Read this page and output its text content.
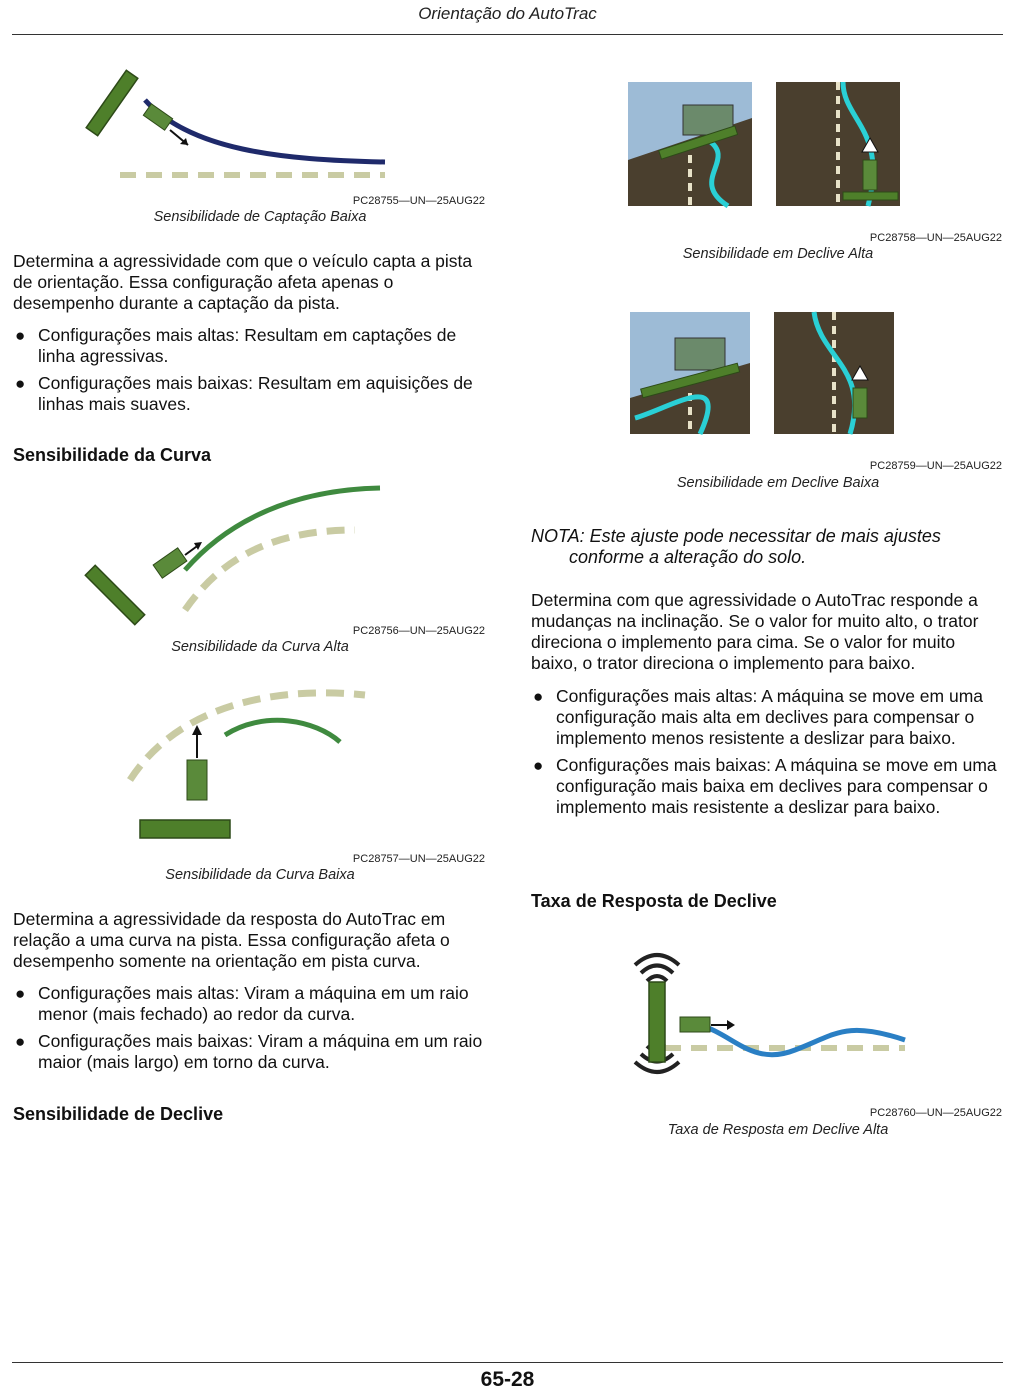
Orientação do AutoTrac
PC28755—UN—25AUG22
Sensibilidade de Captação Baixa
Determina a agressividade com que o veículo capta a pista de orientação. Essa configuração afeta apenas o desempenho durante a captação da pista.
● Configurações mais altas: Resultam em captações de linha agressivas.
● Configurações mais baixas: Resultam em aquisições de linhas mais suaves.
Sensibilidade da Curva
PC28756—UN—25AUG22
Sensibilidade da Curva Alta
PC28757—UN—25AUG22
Sensibilidade da Curva Baixa
Determina a agressividade da resposta do AutoTrac em relação a uma curva na pista. Essa configuração afeta o desempenho somente na orientação em pista curva.
● Configurações mais altas: Viram a máquina em um raio menor (mais fechado) ao redor da curva.
● Configurações mais baixas: Viram a máquina em um raio maior (mais largo) em torno da curva.
Sensibilidade de Declive
PC28758—UN—25AUG22
Sensibilidade em Declive Alta
PC28759—UN—25AUG22
Sensibilidade em Declive Baixa
NOTA: Este ajuste pode necessitar de mais ajustes
conforme a alteração do solo.
Determina com que agressividade o AutoTrac responde a mudanças na inclinação. Se o valor for muito alto, o trator direciona o implemento para cima. Se o valor for muito baixo, o trator direciona o implemento para baixo.
● Configurações mais altas: A máquina se move em uma configuração mais alta em declives para compensar o implemento menos resistente a deslizar para baixo.
● Configurações mais baixas: A máquina se move em uma configuração mais baixa em declives para compensar o implemento mais resistente a deslizar para baixo.
Taxa de Resposta de Declive
PC28760—UN—25AUG22
Taxa de Resposta em Declive Alta
65-28
